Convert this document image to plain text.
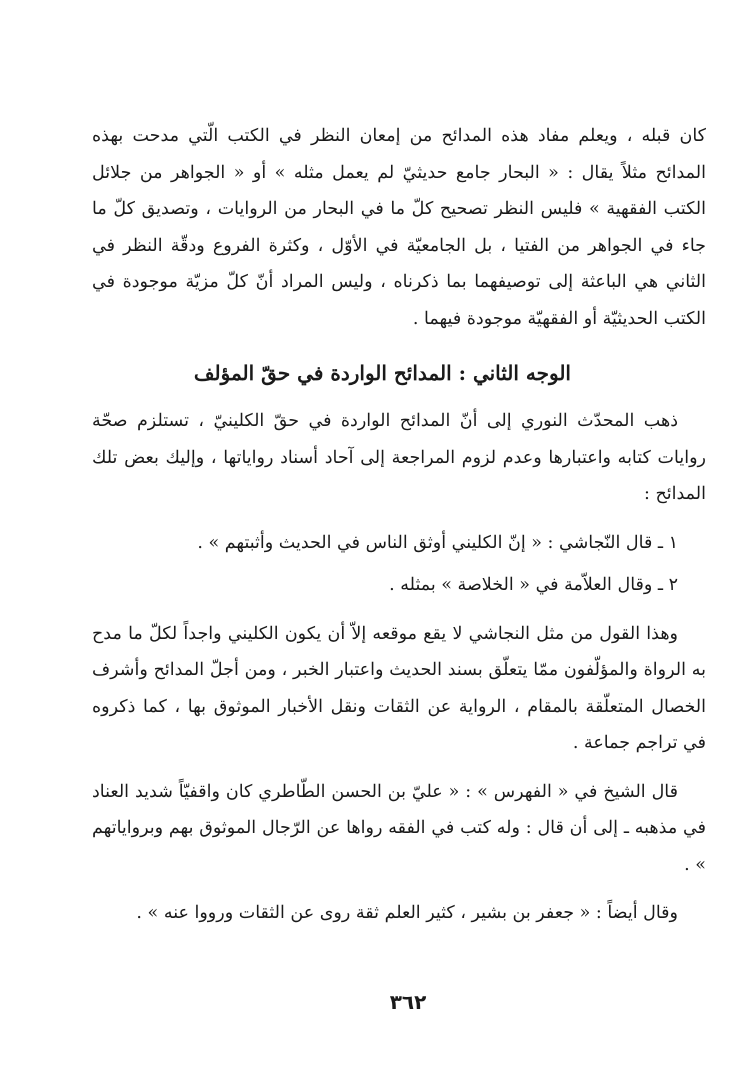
كان قبله ، ويعلم مفاد هذه المدائح من إمعان النظر في الكتب الّتي مدحت بهذه المدائح مثلاً يقال : « البحار جامع حديثيّ لم يعمل مثله » أو « الجواهر من جلائل الكتب الفقهية » فليس النظر تصحيح كلّ ما في البحار من الروايات ، وتصديق كلّ ما جاء في الجواهر من الفتيا ، بل الجامعيّة في الأوّل ، وكثرة الفروع ودقّة النظر في الثاني هي الباعثة إلى توصيفهما بما ذكرناه ، وليس المراد أنّ كلّ مزيّة موجودة في الكتب الحديثيّة أو الفقهيّة موجودة فيهما .

الوجه الثاني : المدائح الواردة في حقّ المؤلف

ذهب المحدّث النوري إلى أنّ المدائح الواردة في حقّ الكلينيّ ، تستلزم صحّة روايات كتابه واعتبارها وعدم لزوم المراجعة إلى آحاد أسناد رواياتها ، وإليك بعض تلك المدائح :

١ ـ قال النّجاشي : « إنّ الكليني أوثق الناس في الحديث وأثبتهم » .

٢ ـ وقال العلاّمة في « الخلاصة » بمثله .

وهذا القول من مثل النجاشي لا يقع موقعه إلاّ أن يكون الكليني واجداً لكلّ ما مدح به الرواة والمؤلّفون ممّا يتعلّق بسند الحديث واعتبار الخبر ، ومن أجلّ المدائح وأشرف الخصال المتعلّقة بالمقام ، الرواية عن الثقات ونقل الأخبار الموثوق بها ، كما ذكروه في تراجم جماعة .

قال الشيخ في « الفهرس » : « عليّ بن الحسن الطّاطري كان واقفيّاً شديد العناد في مذهبه ـ إلى أن قال : وله كتب في الفقه رواها عن الرّجال الموثوق بهم وبرواياتهم » .

وقال أيضاً : « جعفر بن بشير ، كثير العلم ثقة روى عن الثقات ورووا عنه » .

٣٦٢
